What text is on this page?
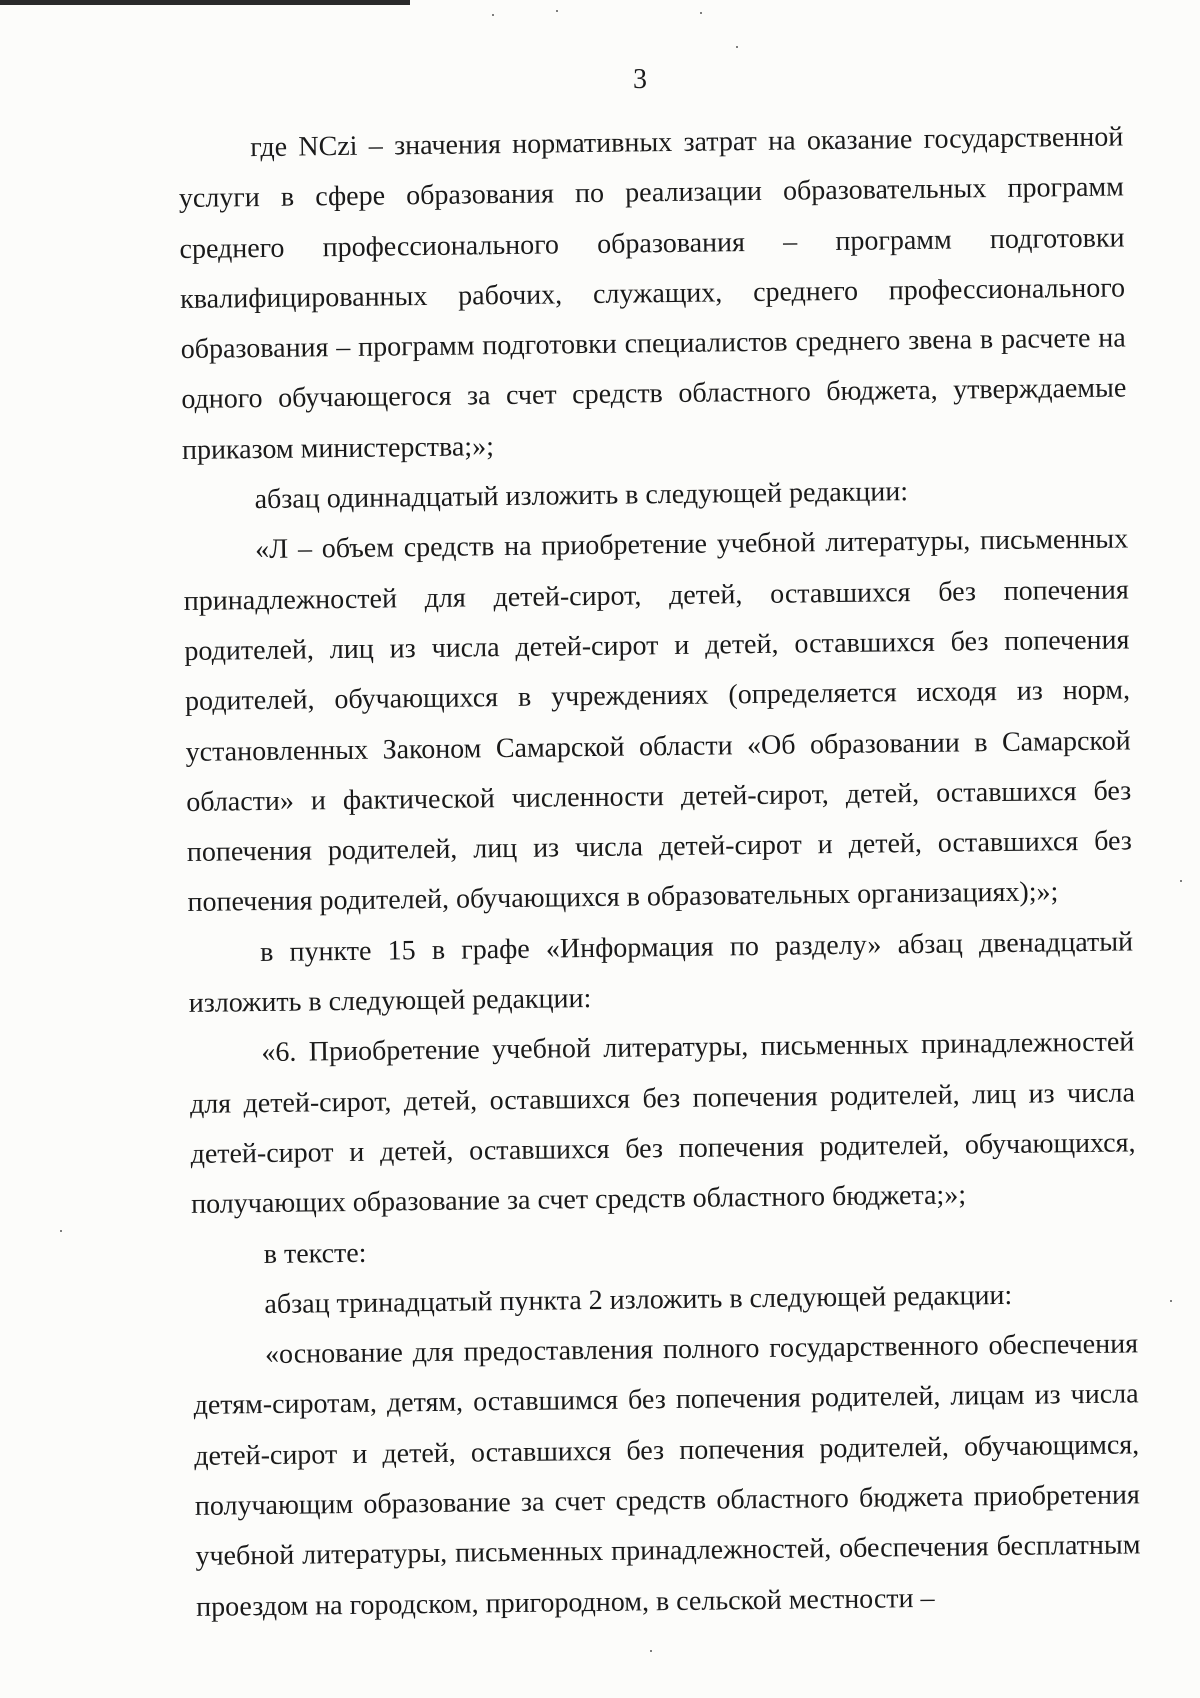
3

где NCzi – значения нормативных затрат на оказание государственной услуги в сфере образования по реализации образовательных программ среднего профессионального образования – программ подготовки квалифицированных рабочих, служащих, среднего профессионального образования – программ подготовки специалистов среднего звена в расчете на одного обучающегося за счет средств областного бюджета, утверждаемые приказом министерства;»;

абзац одиннадцатый изложить в следующей редакции:

«Л – объем средств на приобретение учебной литературы, письменных принадлежностей для детей-сирот, детей, оставшихся без попечения родителей, лиц из числа детей-сирот и детей, оставшихся без попечения родителей, обучающихся в учреждениях (определяется исходя из норм, установленных Законом Самарской области «Об образовании в Самарской области» и фактической численности детей-сирот, детей, оставшихся без попечения родителей, лиц из числа детей-сирот и детей, оставшихся без попечения родителей, обучающихся в образовательных организациях);»;

в пункте 15 в графе «Информация по разделу» абзац двенадцатый изложить в следующей редакции:

«6. Приобретение учебной литературы, письменных принадлежностей для детей-сирот, детей, оставшихся без попечения родителей, лиц из числа детей-сирот и детей, оставшихся без попечения родителей, обучающихся, получающих образование за счет средств областного бюджета;»;

в тексте:

абзац тринадцатый пункта 2 изложить в следующей редакции:

«основание для предоставления полного государственного обеспечения детям-сиротам, детям, оставшимся без попечения родителей, лицам из числа детей-сирот и детей, оставшихся без попечения родителей, обучающимся, получающим образование за счет средств областного бюджета приобретения учебной литературы, письменных принадлежностей, обеспечения бесплатным проездом на городском, пригородном, в сельской местности –
